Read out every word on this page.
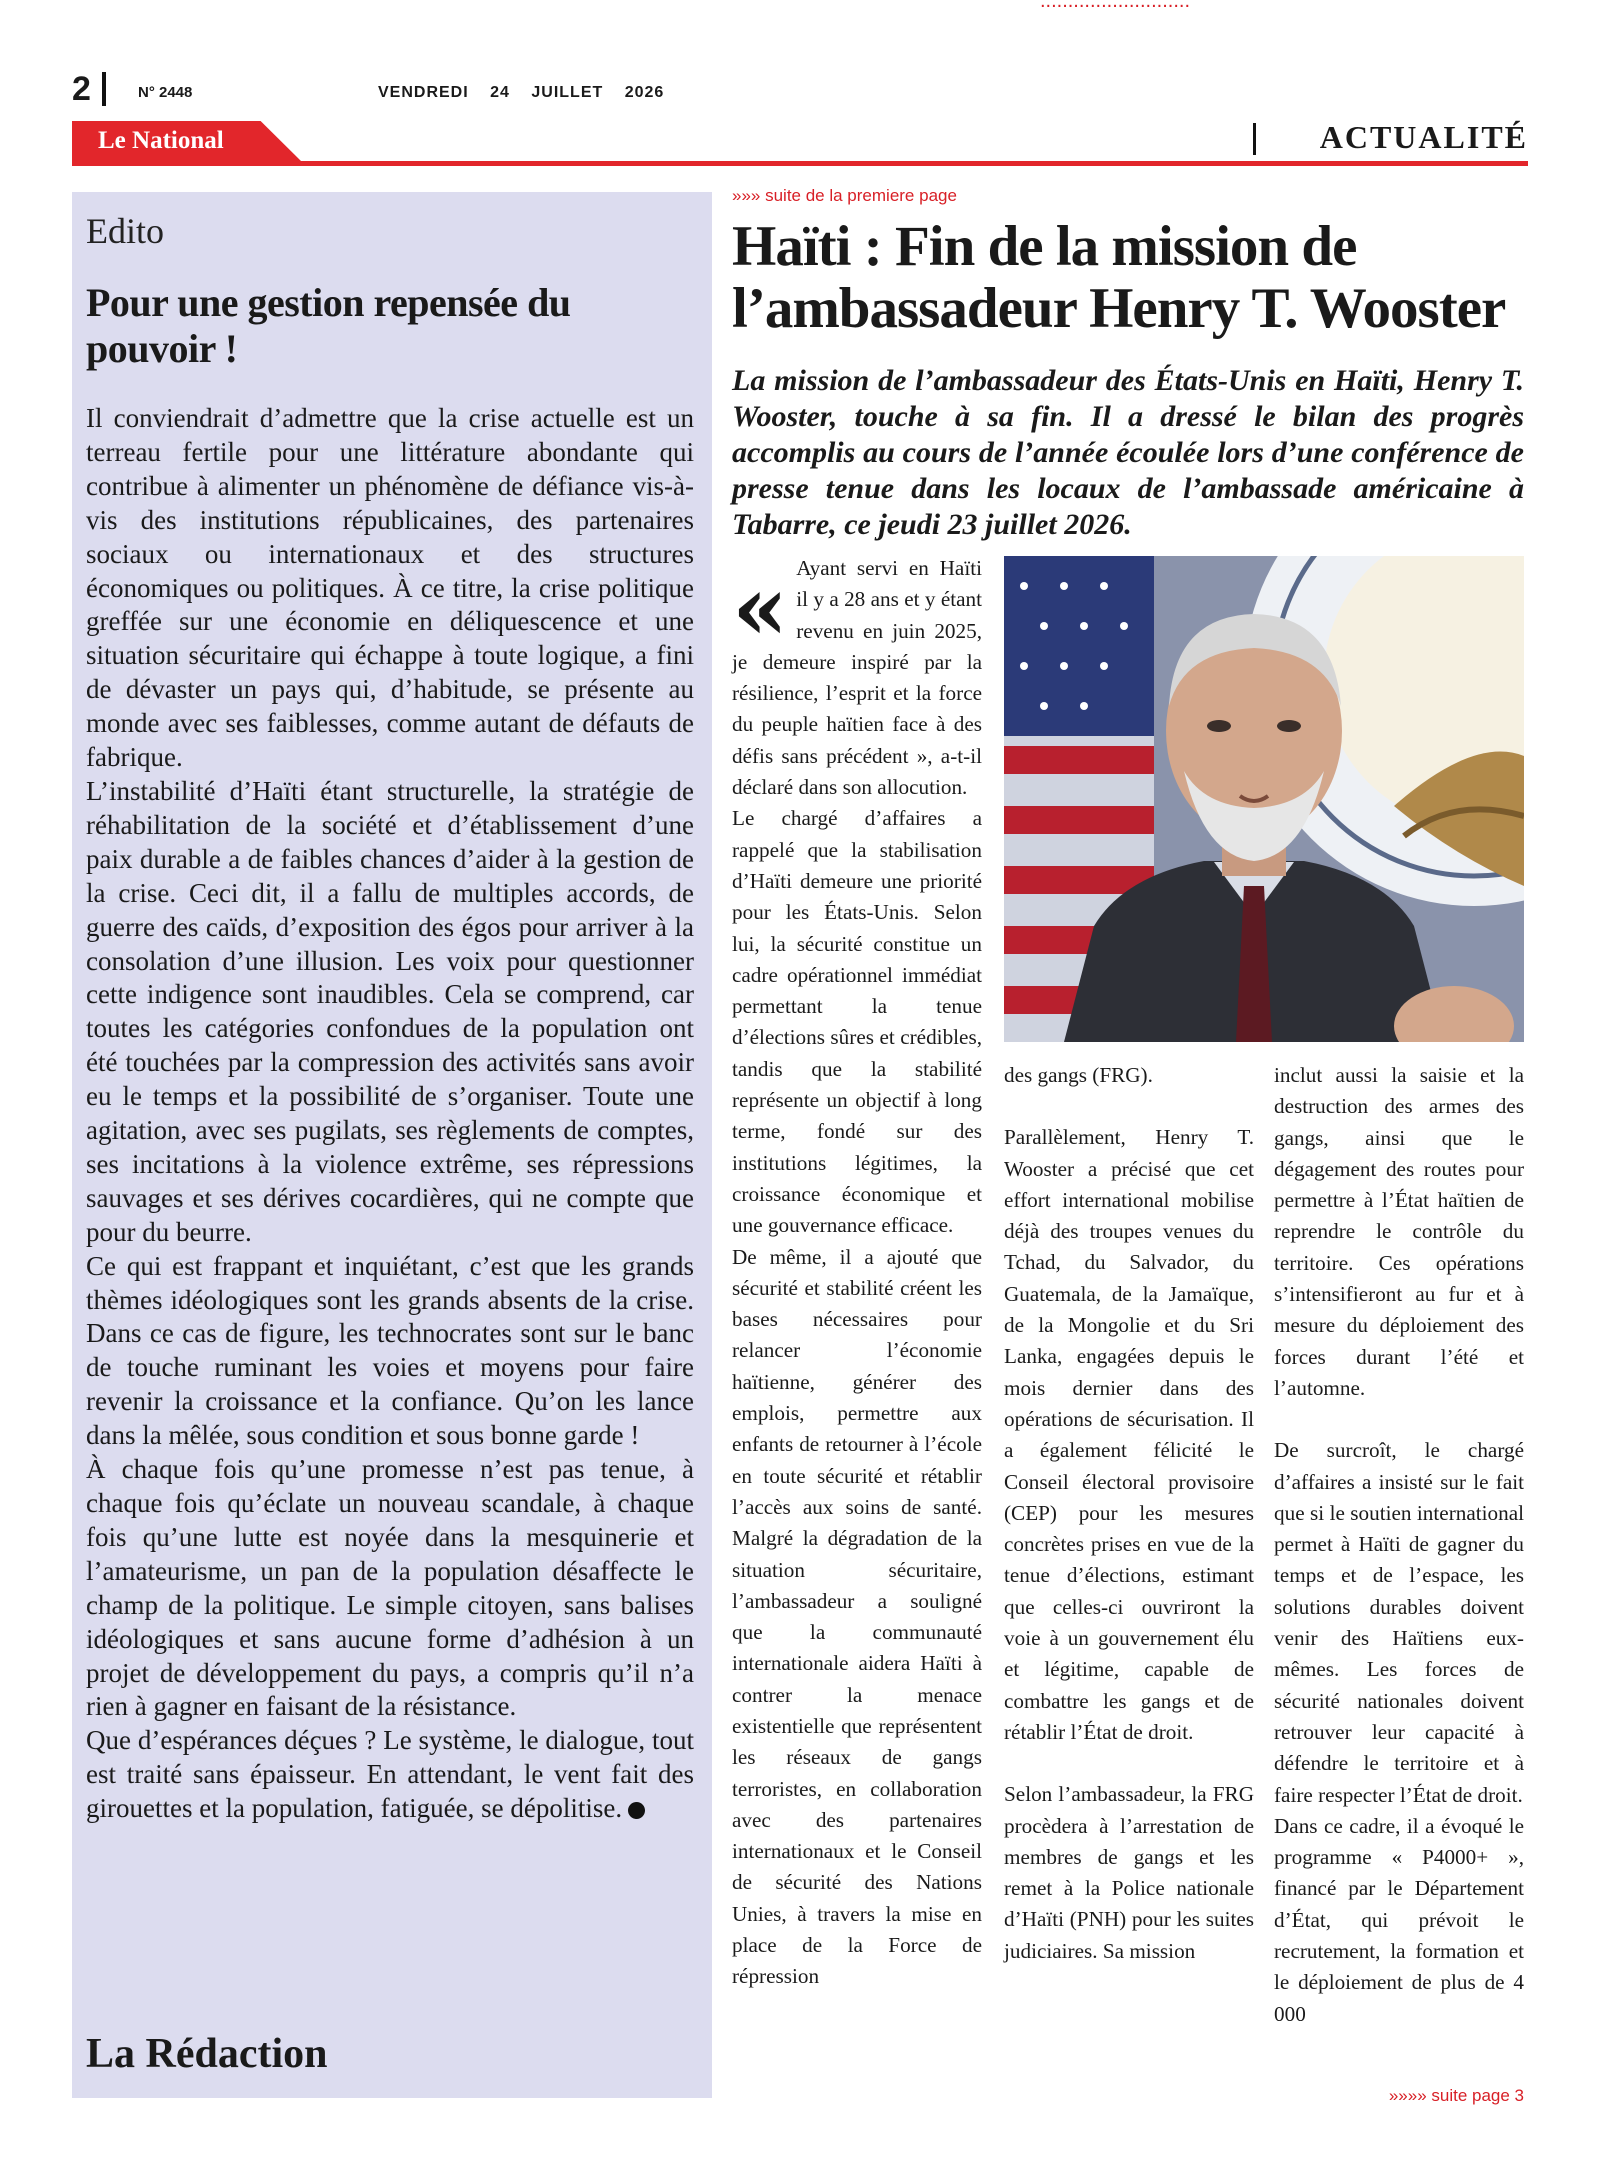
...........................
2	N° 2448	VENDREDI 24 JUILLET 2026
Le National	ACTUALITÉ
Edito
Pour une gestion repensée du pouvoir !

Il conviendrait d’admettre que la crise actuelle est un terreau fertile pour une littérature abondante qui contribue à alimenter un phénomène de défiance vis-à-vis des institutions républicaines, des partenaires sociaux ou internationaux et des structures économiques ou politiques. À ce titre, la crise politique greffée sur une économie en déliquescence et une situation sécuritaire qui échappe à toute logique, a fini de dévaster un pays qui, d’habitude, se présente au monde avec ses faiblesses, comme autant de défauts de fabrique.

L’instabilité d’Haïti étant structurelle, la stratégie de réhabilitation de la société et d’établissement d’une paix durable a de faibles chances d’aider à la gestion de la crise. Ceci dit, il a fallu de multiples accords, de guerre des caïds, d’exposition des égos pour arriver à la consolation d’une illusion. Les voix pour questionner cette indigence sont inaudibles. Cela se comprend, car toutes les catégories confondues de la population ont été touchées par la compression des activités sans avoir eu le temps et la possibilité de s’organiser. Toute une agitation, avec ses pugilats, ses règlements de comptes, ses incitations à la violence extrême, ses répressions sauvages et ses dérives cocardières, qui ne compte que pour du beurre.

Ce qui est frappant et inquiétant, c’est que les grands thèmes idéologiques sont les grands absents de la crise. Dans ce cas de figure, les technocrates sont sur le banc de touche ruminant les voies et moyens pour faire revenir la croissance et la confiance. Qu’on les lance dans la mêlée, sous condition et sous bonne garde !

À chaque fois qu’une promesse n’est pas tenue, à chaque fois qu’éclate un nouveau scandale, à chaque fois qu’une lutte est noyée dans la mesquinerie et l’amateurisme, un pan de la population désaffecte le champ de la politique. Le simple citoyen, sans balises idéologiques et sans aucune forme d’adhésion à un projet de développement du pays, a compris qu’il n’a rien à gagner en faisant de la résistance.

Que d’espérances déçues ? Le système, le dialogue, tout est traité sans épaisseur. En attendant, le vent fait des girouettes et la population, fatiguée, se dépolitise.

La Rédaction
»»» suite de la premiere page
Haïti : Fin de la mission de l’ambassadeur Henry T. Wooster
La mission de l’ambassadeur des États-Unis en Haïti, Henry T. Wooster, touche à sa fin. Il a dressé le bilan des progrès accomplis au cours de l’année écoulée lors d’une conférence de presse tenue dans les locaux de l’ambassade américaine à Tabarre, ce jeudi 23 juillet 2026.
« Ayant servi en Haïti il y a 28 ans et y étant revenu en juin 2025, je demeure inspiré par la résilience, l’esprit et la force du peuple haïtien face à des défis sans précédent », a-t-il déclaré dans son allocution.

Le chargé d’affaires a rappelé que la stabilisation d’Haïti demeure une priorité pour les États-Unis. Selon lui, la sécurité constitue un cadre opérationnel immédiat permettant la tenue d’élections sûres et crédibles, tandis que la stabilité représente un objectif à long terme, fondé sur des institutions légitimes, la croissance économique et une gouvernance efficace.

De même, il a ajouté que sécurité et stabilité créent les bases nécessaires pour relancer l’économie haïtienne, générer des emplois, permettre aux enfants de retourner à l’école en toute sécurité et rétablir l’accès aux soins de santé. Malgré la dégradation de la situation sécuritaire, l’ambassadeur a souligné que la communauté internationale aidera Haïti à contrer la menace existentielle que représentent les réseaux de gangs terroristes, en collaboration avec des partenaires internationaux et le Conseil de sécurité des Nations Unies, à travers la mise en place de la Force de répression

des gangs (FRG).

Parallèlement, Henry T. Wooster a précisé que cet effort international mobilise déjà des troupes venues du Tchad, du Salvador, du Guatemala, de la Jamaïque, de la Mongolie et du Sri Lanka, engagées depuis le mois dernier dans des opérations de sécurisation. Il a également félicité le Conseil électoral provisoire (CEP) pour les mesures concrètes prises en vue de la tenue d’élections, estimant que celles-ci ouvriront la voie à un gouvernement élu et légitime, capable de combattre les gangs et de rétablir l’État de droit.

Selon l’ambassadeur, la FRG procèdera à l’arrestation de membres de gangs et les remet à la Police nationale d’Haïti (PNH) pour les suites judiciaires. Sa mission

inclut aussi la saisie et la destruction des armes des gangs, ainsi que le dégagement des routes pour permettre à l’État haïtien de reprendre le contrôle du territoire. Ces opérations s’intensifieront au fur et à mesure du déploiement des forces durant l’été et l’automne.

De surcroît, le chargé d’affaires a insisté sur le fait que si le soutien international permet à Haïti de gagner du temps et de l’espace, les solutions durables doivent venir des Haïtiens eux-mêmes. Les forces de sécurité nationales doivent retrouver leur capacité à défendre le territoire et à faire respecter l’État de droit.

Dans ce cadre, il a évoqué le programme « P4000+ », financé par le Département d’État, qui prévoit le recrutement, la formation et le déploiement de plus de 4 000

»»»» suite page 3
